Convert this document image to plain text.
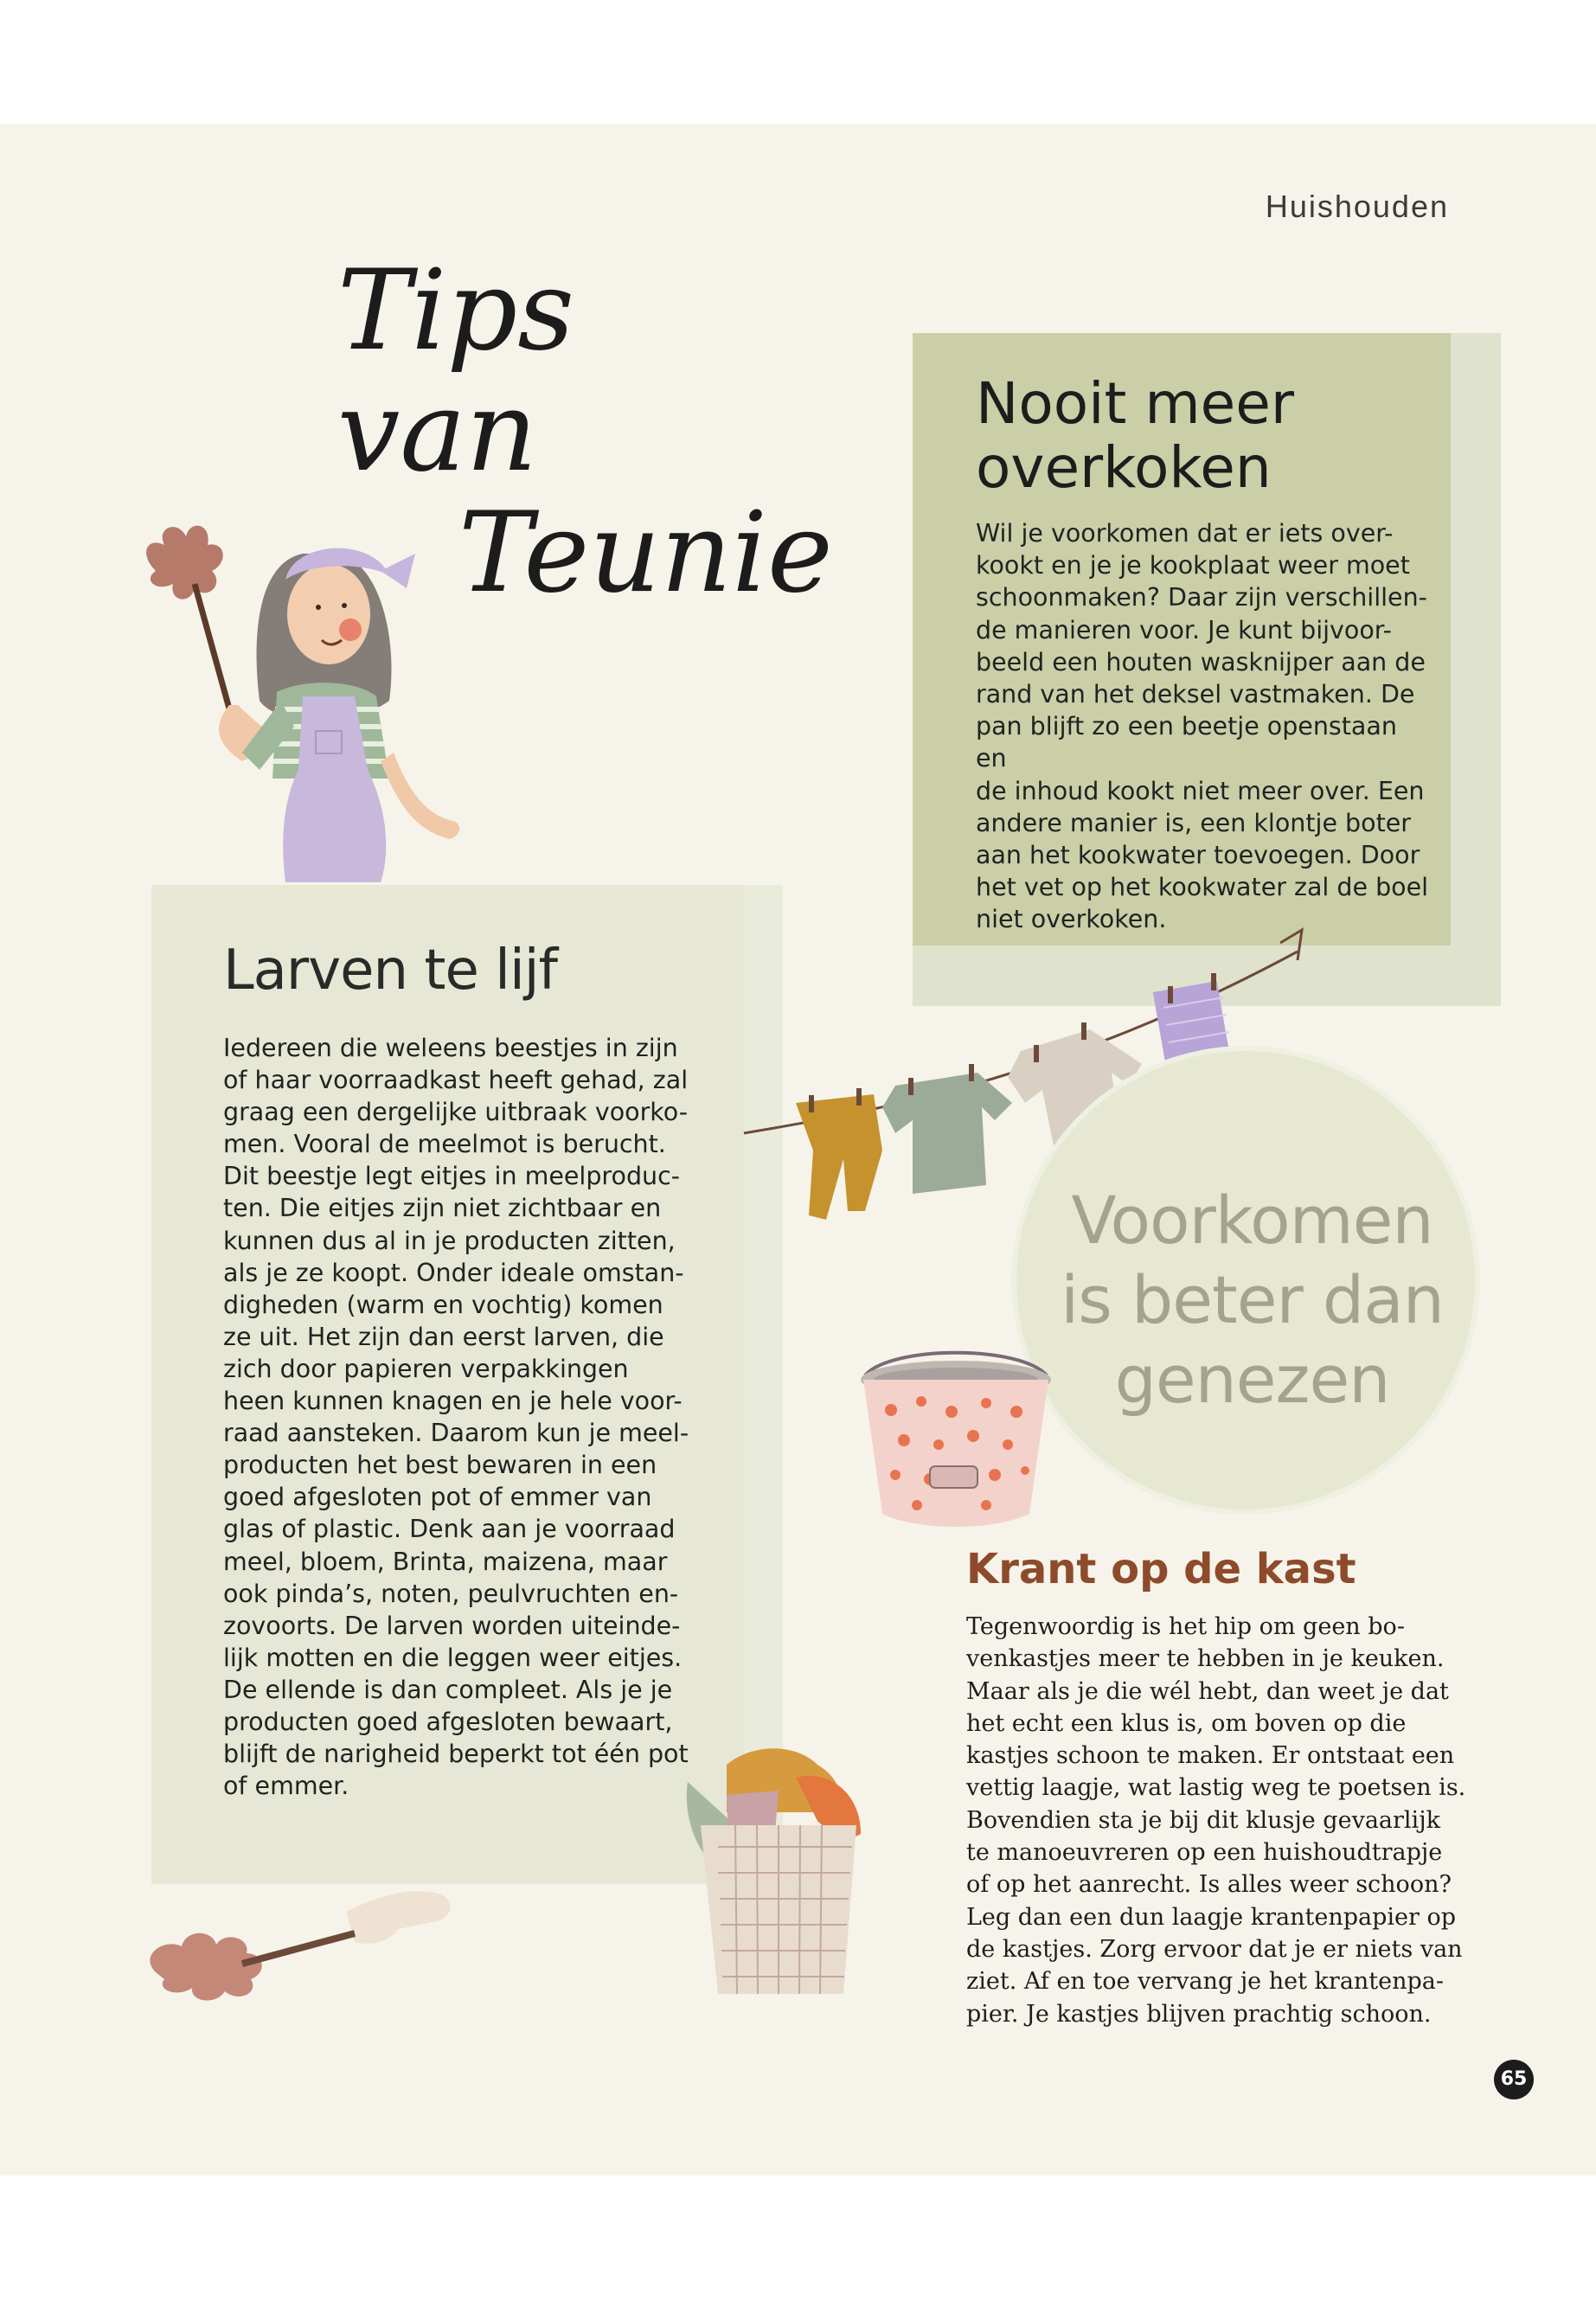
Huishouden
Tips van
Teunie
Nooit meer
overkoken

Wil je voorkomen dat er iets over-
kookt en je je kookplaat weer moet
schoonmaken? Daar zijn verschillen-
de manieren voor. Je kunt bijvoor-
beeld een houten wasknijper aan de
rand van het deksel vastmaken. De
pan blijft zo een beetje openstaan en
de inhoud kookt niet meer over. Een
andere manier is, een klontje boter
aan het kookwater toevoegen. Door
het vet op het kookwater zal de boel
niet overkoken.

Larven te lijf

Iedereen die weleens beestjes in zijn
of haar voorraadkast heeft gehad, zal
graag een dergelijke uitbraak voorko-
men. Vooral de meelmot is berucht.
Dit beestje legt eitjes in meelproduc-
ten. Die eitjes zijn niet zichtbaar en
kunnen dus al in je producten zitten,
als je ze koopt. Onder ideale omstan-
digheden (warm en vochtig) komen
ze uit. Het zijn dan eerst larven, die
zich door papieren verpakkingen
heen kunnen knagen en je hele voor-
raad aansteken. Daarom kun je meel-
producten het best bewaren in een
goed afgesloten pot of emmer van
glas of plastic. Denk aan je voorraad
meel, bloem, Brinta, maizena, maar
ook pinda’s, noten, peulvruchten en-
zovoorts. De larven worden uiteinde-
lijk motten en die leggen weer eitjes.
De ellende is dan compleet. Als je je
producten goed afgesloten bewaart,
blijft de narigheid beperkt tot één pot
of emmer.

Voorkomen
is beter dan
genezen
Krant op de kast

Tegenwoordig is het hip om geen bo-
venkastjes meer te hebben in je keuken.
Maar als je die wél hebt, dan weet je dat
het echt een klus is, om boven op die
kastjes schoon te maken. Er ontstaat een
vettig laagje, wat lastig weg te poetsen is.
Bovendien sta je bij dit klusje gevaarlijk
te manoeuvreren op een huishoudtrapje
of op het aanrecht. Is alles weer schoon?
Leg dan een dun laagje krantenpapier op
de kastjes. Zorg ervoor dat je er niets van
ziet. Af en toe vervang je het krantenpa-
pier. Je kastjes blijven prachtig schoon.

65
